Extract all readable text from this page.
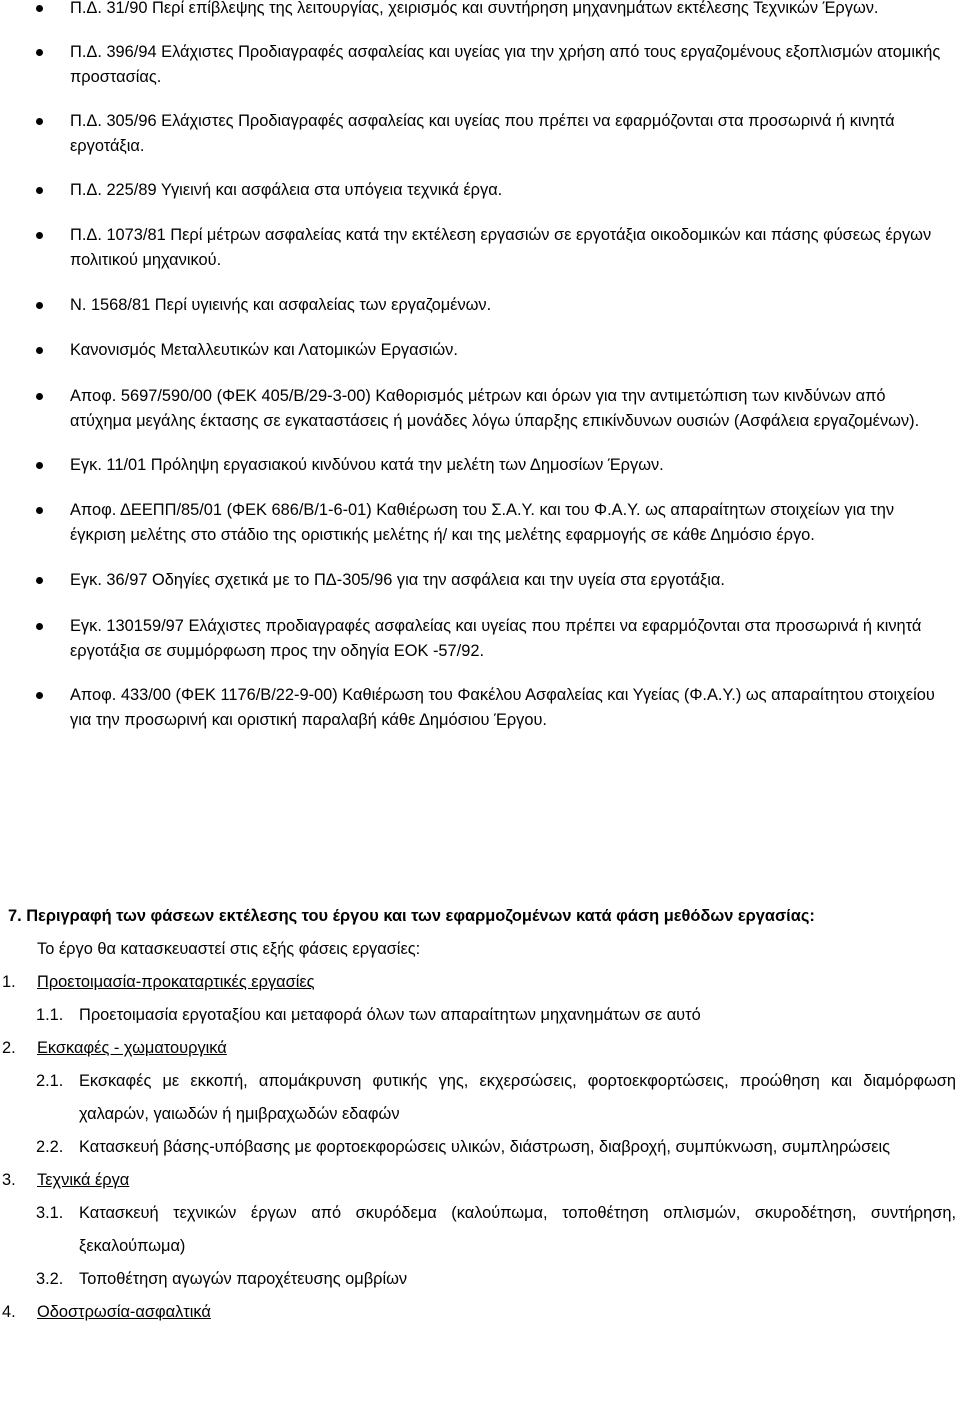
Π.Δ. 31/90 Περί επίβλεψης της λειτουργίας, χειρισμός και συντήρηση μηχανημάτων εκτέλεσης Τεχνικών Έργων.
Π.Δ. 396/94 Ελάχιστες Προδιαγραφές ασφαλείας και υγείας για την χρήση από τους εργαζομένους εξοπλισμών ατομικής προστασίας.
Π.Δ. 305/96 Ελάχιστες Προδιαγραφές ασφαλείας και υγείας που πρέπει να εφαρμόζονται στα προσωρινά ή κινητά εργοτάξια.
Π.Δ. 225/89 Υγιεινή και ασφάλεια στα υπόγεια τεχνικά έργα.
Π.Δ. 1073/81 Περί μέτρων ασφαλείας κατά την εκτέλεση εργασιών σε εργοτάξια οικοδομικών και πάσης φύσεως έργων πολιτικού μηχανικού.
Ν. 1568/81 Περί υγιεινής και ασφαλείας των εργαζομένων.
Κανονισμός Μεταλλευτικών και Λατομικών Εργασιών.
Αποφ. 5697/590/00 (ΦΕΚ 405/Β/29-3-00) Καθορισμός μέτρων και όρων για την αντιμετώπιση των κινδύνων από ατύχημα μεγάλης έκτασης σε εγκαταστάσεις ή μονάδες λόγω ύπαρξης επικίνδυνων ουσιών (Ασφάλεια εργαζομένων).
Εγκ. 11/01 Πρόληψη εργασιακού κινδύνου κατά την μελέτη των Δημοσίων Έργων.
Αποφ. ΔΕΕΠΠ/85/01 (ΦΕΚ 686/Β/1-6-01) Καθιέρωση του Σ.Α.Υ. και του Φ.Α.Υ. ως απαραίτητων στοιχείων για την έγκριση μελέτης στο στάδιο της οριστικής μελέτης ή/ και της μελέτης εφαρμογής σε κάθε Δημόσιο έργο.
Εγκ. 36/97 Οδηγίες σχετικά με το ΠΔ-305/96 για την ασφάλεια και την υγεία στα εργοτάξια.
Εγκ. 130159/97 Ελάχιστες προδιαγραφές ασφαλείας και υγείας που πρέπει να εφαρμόζονται στα προσωρινά ή κινητά εργοτάξια σε συμμόρφωση προς την οδηγία ΕΟΚ -57/92.
Αποφ. 433/00 (ΦΕΚ 1176/Β/22-9-00) Καθιέρωση του Φακέλου Ασφαλείας και Υγείας (Φ.Α.Υ.) ως απαραίτητου στοιχείου για την προσωρινή και οριστική παραλαβή κάθε Δημόσιου Έργου.
7. Περιγραφή των φάσεων εκτέλεσης του έργου και των εφαρμοζομένων κατά φάση μεθόδων εργασίας:
Το έργο θα κατασκευαστεί στις εξής φάσεις εργασίες:
1. Προετοιμασία-προκαταρτικές εργασίες
1.1. Προετοιμασία εργοταξίου και μεταφορά όλων των απαραίτητων μηχανημάτων σε αυτό
2. Εκσκαφές - χωματουργικά
2.1. Εκσκαφές με εκκοπή, απομάκρυνση φυτικής γης, εκχερσώσεις, φορτοεκφορτώσεις, προώθηση και διαμόρφωση χαλαρών, γαιωδών ή ημιβραχωδών εδαφών
2.2. Κατασκευή βάσης-υπόβασης με φορτοεκφορώσεις υλικών, διάστρωση, διαβροχή, συμπύκνωση, συμπληρώσεις
3. Τεχνικά έργα
3.1. Κατασκευή τεχνικών έργων από σκυρόδεμα (καλούπωμα, τοποθέτηση οπλισμών, σκυροδέτηση, συντήρηση, ξεκαλούπωμα)
3.2. Τοποθέτηση αγωγών παροχέτευσης ομβρίων
4. Οδοστρωσία-ασφαλτικά
